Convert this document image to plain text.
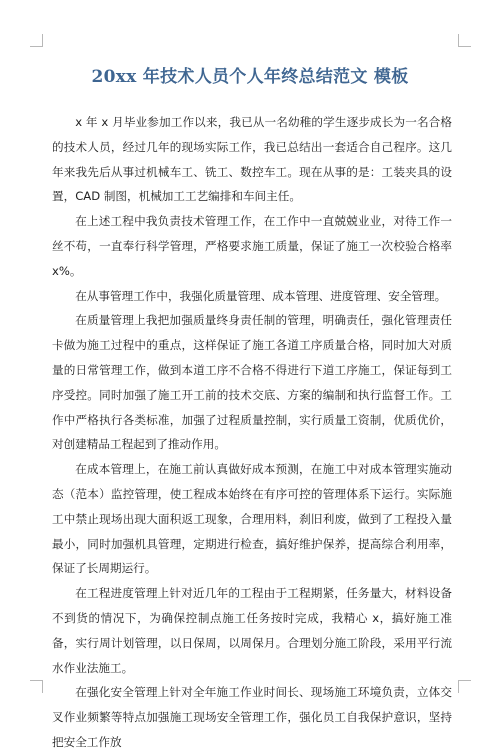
20xx 年技术人员个人年终总结范文 模板

x 年 x 月毕业参加工作以来，我已从一名幼稚的学生逐步成长为一名合格的技术人员，经过几年的现场实际工作，我已总结出一套适合自己程序。这几年来我先后从事过机械车工、铣工、数控车工。现在从事的是：工装夹具的设置，CAD 制图，机械加工工艺编排和车间主任。

在上述工程中我负责技术管理工作，在工作中一直兢兢业业，对待工作一丝不苟，一直奉行科学管理，严格要求施工质量，保证了施工一次校验合格率 x%。

在从事管理工作中，我强化质量管理、成本管理、进度管理、安全管理。

在质量管理上我把加强质量终身责任制的管理，明确责任，强化管理责任卡做为施工过程中的重点，这样保证了施工各道工序质量合格，同时加大对质量的日常管理工作，做到本道工序不合格不得进行下道工序施工，保证每到工序受控。同时加强了施工开工前的技术交底、方案的编制和执行监督工作。工作中严格执行各类标准，加强了过程质量控制，实行质量工资制，优质优价，对创建精品工程起到了推动作用。

在成本管理上，在施工前认真做好成本预测，在施工中对成本管理实施动态（范本）监控管理，使工程成本始终在有序可控的管理体系下运行。实际施工中禁止现场出现大面积返工现象，合理用料，刹旧利废，做到了工程投入量最小，同时加强机具管理，定期进行检查，搞好维护保养，提高综合利用率，保证了长周期运行。

在工程进度管理上针对近几年的工程由于工程期紧，任务量大，材料设备不到货的情况下，为确保控制点施工任务按时完成，我精心 x，搞好施工准备，实行周计划管理，以日保周，以周保月。合理划分施工阶段，采用平行流水作业法施工。

在强化安全管理上针对全年施工作业时间长、现场施工环境负责，立体交叉作业频繁等特点加强施工现场安全管理工作，强化员工自我保护意识，坚持把安全工作放
